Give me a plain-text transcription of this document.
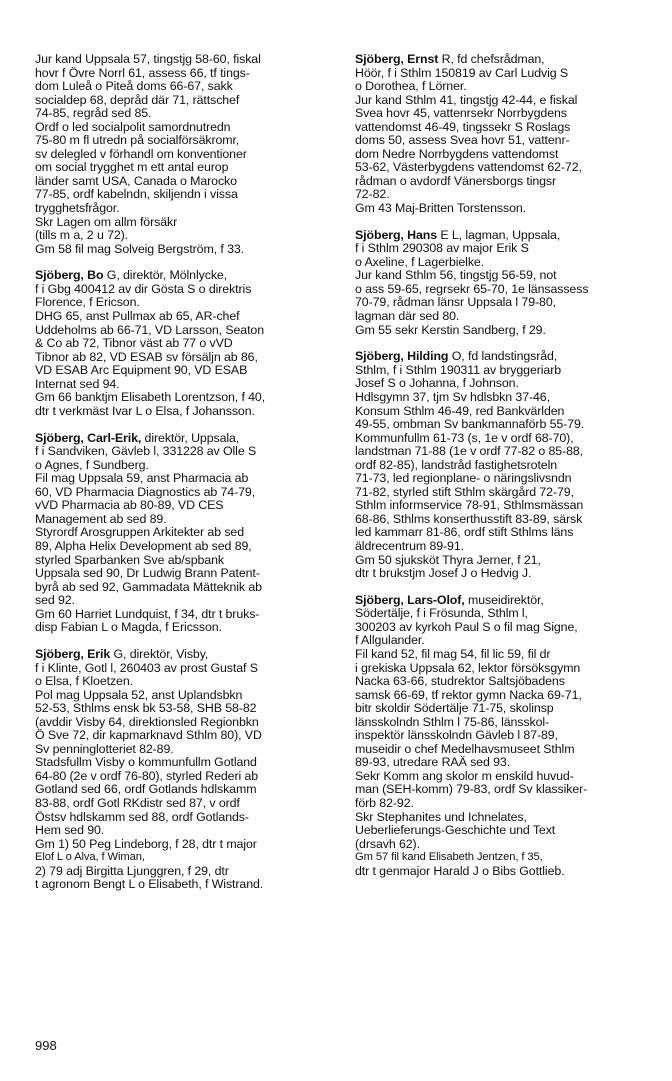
Jur kand Uppsala 57, tingstjg 58-60, fiskal
hovr f Övre Norrl 61, assess 66, tf tings-
dom Luleå o Piteå doms 66-67, sakk
socialdep 68, depråd där 71, rättschef
74-85, regråd sed 85.
Ordf o led socialpolit samordnutredn
75-80 m fl utredn på socialförsäkromr,
sv delegled v förhandl om konventioner
om social trygghet m ett antal europ
länder samt USA, Canada o Marocko
77-85, ordf kabelndn, skiljendn i vissa
trygghetsfrågor.
Skr Lagen om allm försäkr
(tills m a, 2 u 72).
Gm 58 fil mag Solveig Bergström, f 33.
Sjöberg, Bo G, direktör, Mölnlycke,
f i Gbg 400412 av dir Gösta S o direktris
Florence, f Ericson.
DHG 65, anst Pullmax ab 65, AR-chef
Uddeholms ab 66-71, VD Larsson, Seaton
& Co ab 72, Tibnor väst ab 77 o vVD
Tibnor ab 82, VD ESAB sv försäljn ab 86,
VD ESAB Arc Equipment 90, VD ESAB
Internat sed 94.
Gm 66 banktjm Elisabeth Lorentzson, f 40,
dtr t verkmäst Ivar L o Elsa, f Johansson.
Sjöberg, Carl-Erik, direktör, Uppsala,
f i Sandviken, Gävleb l, 331228 av Olle S
o Agnes, f Sundberg.
Fil mag Uppsala 59, anst Pharmacia ab
60, VD Pharmacia Diagnostics ab 74-79,
vVD Pharmacia ab 80-89, VD CES
Management ab sed 89.
Styrordf Arosgruppen Arkitekter ab sed
89, Alpha Helix Development ab sed 89,
styrled Sparbanken Sve ab/spbank
Uppsala sed 90, Dr Ludwig Brann Patent-
byrå ab sed 92, Gammadata Mätteknik ab
sed 92.
Gm 60 Harriet Lundquist, f 34, dtr t bruks-
disp Fabian L o Magda, f Ericsson.
Sjöberg, Erik G, direktör, Visby,
f i Klinte, Gotl l, 260403 av prost Gustaf S
o Elsa, f Kloetzen.
Pol mag Uppsala 52, anst Uplandsbkn
52-53, Sthlms ensk bk 53-58, SHB 58-82
(avddir Visby 64, direktionsled Regionbkn
Ö Sve 72, dir kapmarknavd Sthlm 80), VD
Sv penninglotteriet 82-89.
Stadsfullm Visby o kommunfullm Gotland
64-80 (2e v ordf 76-80), styrled Rederi ab
Gotland sed 66, ordf Gotlands hdlskamm
83-88, ordf Gotl RKdistr sed 87, v ordf
Östsv hdlskamm sed 88, ordf Gotlands-
Hem sed 90.
Gm 1) 50 Peg Lindeborg, f 28, dtr t major
Elof L o Alva, f Wiman,
2) 79 adj Birgitta Ljunggren, f 29, dtr
t agronom Bengt L o Elisabeth, f Wistrand.
Sjöberg, Ernst R, fd chefsrådman,
Höör, f i Sthlm 150819 av Carl Ludvig S
o Dorothea, f Lörner.
Jur kand Sthlm 41, tingstjg 42-44, e fiskal
Svea hovr 45, vattenrsekr Norrbygdens
vattendomst 46-49, tingssekr S Roslags
doms 50, assess Svea hovr 51, vattenr-
dom Nedre Norrbygdens vattendomst
53-62, Västerbygdens vattendomst 62-72,
rådman o avdordf Vänersborgs tingsr
72-82.
Gm 43 Maj-Britten Torstensson.
Sjöberg, Hans E L, lagman, Uppsala,
f i Sthlm 290308 av major Erik S
o Axeline, f Lagerbielke.
Jur kand Sthlm 56, tingstjg 56-59, not
o ass 59-65, regrsekr 65-70, 1e länsassess
70-79, rådman länsr Uppsala l 79-80,
lagman där sed 80.
Gm 55 sekr Kerstin Sandberg, f 29.
Sjöberg, Hilding O, fd landstingsråd,
Sthlm, f i Sthlm 190311 av bryggeriarb
Josef S o Johanna, f Johnson.
Hdlsgymn 37, tjm Sv hdlsbkn 37-46,
Konsum Sthlm 46-49, red Bankvärlden
49-55, ombman Sv bankmannaförb 55-79.
Kommunfullm 61-73 (s, 1e v ordf 68-70),
landstman 71-88 (1e v ordf 77-82 o 85-88,
ordf 82-85), landstråd fastighetsroteln
71-73, led regionplane- o näringslivsndn
71-82, styrled stift Sthlm skärgård 72-79,
Sthlm informservice 78-91, Sthlmsmässan
68-86, Sthlms konserthusstift 83-89, särsk
led kammarr 81-86, ordf stift Sthlms läns
äldrecentrum 89-91.
Gm 50 sjuksköt Thyra Jerner, f 21,
dtr t brukstjm Josef J o Hedvig J.
Sjöberg, Lars-Olof, museidirektör,
Södertälje, f i Frösunda, Sthlm l,
300203 av kyrkoh Paul S o fil mag Signe,
f Allgulander.
Fil kand 52, fil mag 54, fil lic 59, fil dr
i grekiska Uppsala 62, lektor försöksgymn
Nacka 63-66, studrektor Saltsjöbadens
samsk 66-69, tf rektor gymn Nacka 69-71,
bitr skoldir Södertälje 71-75, skolinsp
länsskolndn Sthlm l 75-86, länsskol-
inspektör länsskolndn Gävleb l 87-89,
museidir o chef Medelhavsmuseet Sthlm
89-93, utredare RAÄ sed 93.
Sekr Komm ang skolor m enskild huvud-
man (SEH-komm) 79-83, ordf Sv klassiker-
förb 82-92.
Skr Stephanites und Ichnelates,
Ueberlieferungs-Geschichte und Text
(drsavh 62).
Gm 57 fil kand Elisabeth Jentzen, f 35,
dtr t genmajor Harald J o Bibs Gottlieb.
998
